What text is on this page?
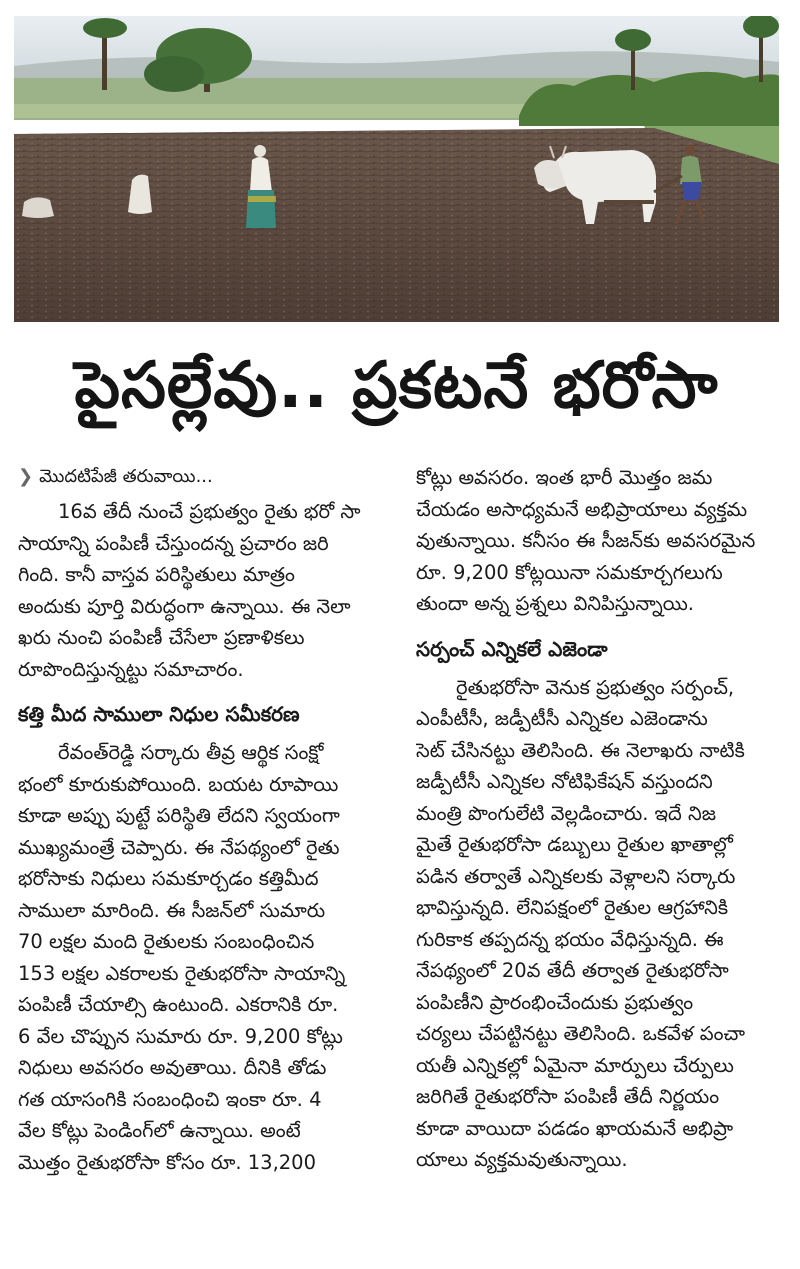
పైసల్లేవు.. ప్రకటనే భరోసా
❯ మొదటిపేజీ తరువాయి...

16వ తేదీ నుంచే ప్రభుత్వం రైతు భరో సా
సాయాన్ని పంపిణీ చేస్తుందన్న ప్రచారం జరి
గింది. కానీ వాస్తవ పరిస్థితులు మాత్రం
అందుకు పూర్తి విరుద్ధంగా ఉన్నాయి. ఈ నెలా
ఖరు నుంచి పంపిణీ చేసేలా ప్రణాళికలు
రూపొందిస్తున్నట్టు సమాచారం.

కత్తి మీద సాములా నిధుల సమీకరణ

రేవంత్‌రెడ్డి సర్కారు తీవ్ర ఆర్థిక సంక్షో
భంలో కూరుకుపోయింది. బయట రూపాయి
కూడా అప్పు పుట్టే పరిస్థితి లేదని స్వయంగా
ముఖ్యమంత్రే చెప్పారు. ఈ నేపథ్యంలో రైతు
భరోసాకు నిధులు సమకూర్చడం కత్తిమీద
సాములా మారింది. ఈ సీజన్‌లో సుమారు
70 లక్షల మంది రైతులకు సంబంధించిన
153 లక్షల ఎకరాలకు రైతుభరోసా సాయాన్ని
పంపిణీ చేయాల్సి ఉంటుంది. ఎకరానికి రూ.
6 వేల చొప్పున సుమారు రూ. 9,200 కోట్లు
నిధులు అవసరం అవుతాయి. దీనికి తోడు
గత యాసంగికి సంబంధించి ఇంకా రూ. 4
వేల కోట్లు పెండింగ్‌లో ఉన్నాయి. అంటే
మొత్తం రైతుభరోసా కోసం రూ. 13,200

కోట్లు అవసరం. ఇంత భారీ మొత్తం జమ
చేయడం అసాధ్యమనే అభిప్రాయాలు వ్యక్తమ
వుతున్నాయి. కనీసం ఈ సీజన్‌కు అవసరమైన
రూ. 9,200 కోట్లయినా సమకూర్చగలుగు
తుందా అన్న ప్రశ్నలు వినిపిస్తున్నాయి.

సర్పంచ్ ఎన్నికలే ఎజెండా

రైతుభరోసా వెనుక ప్రభుత్వం సర్పంచ్,
ఎంపీటీసీ, జడ్పీటీసీ ఎన్నికల ఎజెండాను
సెట్ చేసినట్టు తెలిసింది. ఈ నెలాఖరు నాటికి
జడ్పీటీసీ ఎన్నికల నోటిఫికేషన్ వస్తుందని
మంత్రి పొంగులేటి వెల్లడించారు. ఇదే నిజ
మైతే రైతుభరోసా డబ్బులు రైతుల ఖాతాల్లో
పడిన తర్వాతే ఎన్నికలకు వెళ్లాలని సర్కారు
భావిస్తున్నది. లేనిపక్షంలో రైతుల ఆగ్రహానికి
గురికాక తప్పదన్న భయం వేధిస్తున్నది. ఈ
నేపథ్యంలో 20వ తేదీ తర్వాత రైతుభరోసా
పంపిణీని ప్రారంభించేందుకు ప్రభుత్వం
చర్యలు చేపట్టినట్టు తెలిసింది. ఒకవేళ పంచా
యతీ ఎన్నికల్లో ఏమైనా మార్పులు చేర్పులు
జరిగితే రైతుభరోసా పంపిణీ తేదీ నిర్ణయం
కూడా వాయిదా పడడం ఖాయమనే అభిప్రా
యాలు వ్యక్తమవుతున్నాయి.
